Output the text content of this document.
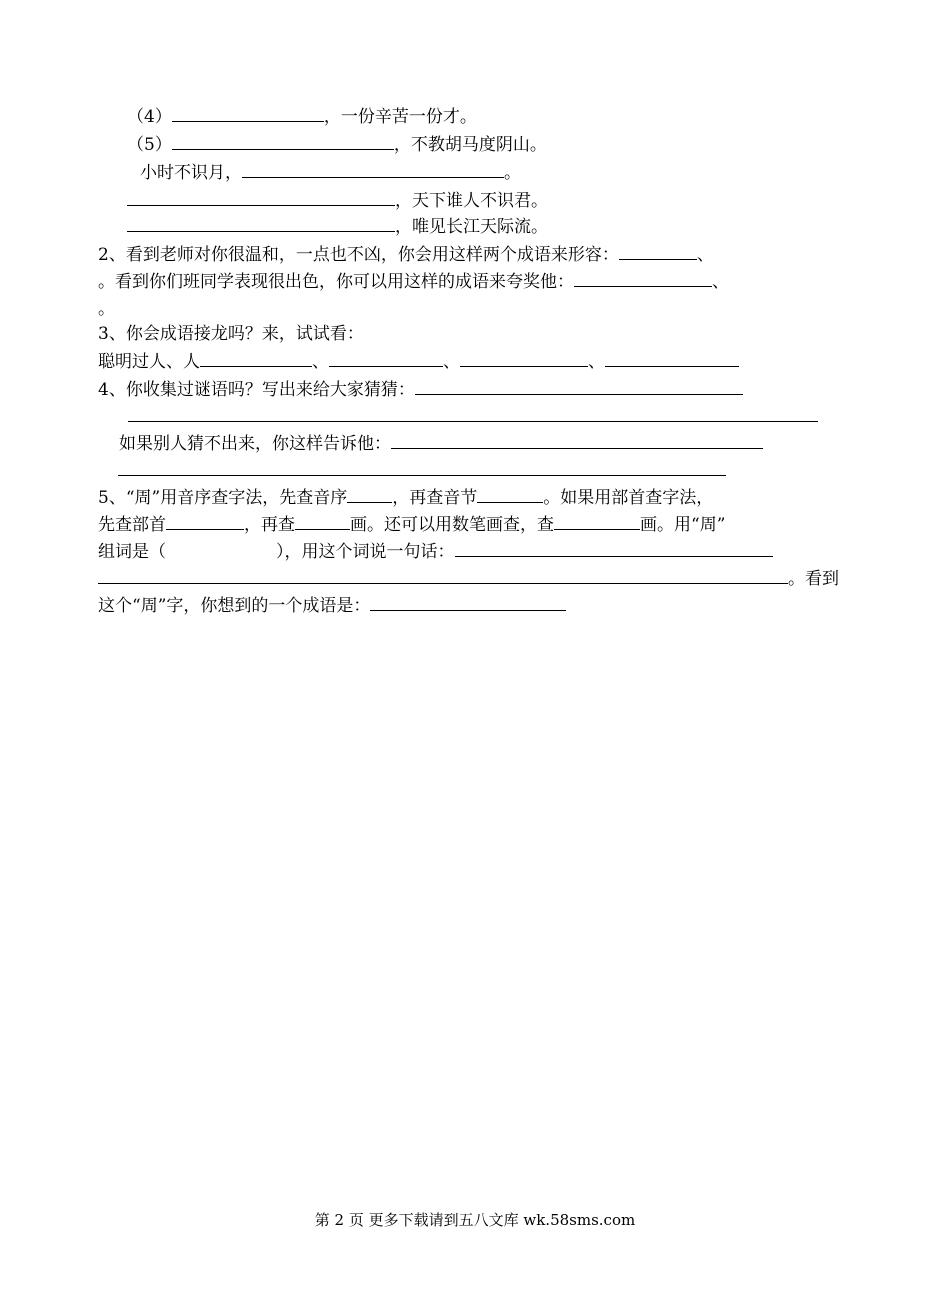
（4）	，一份辛苦一份才。
（5）	，不教胡马度阴山。
小时不识月，	。
，天下谁人不识君。
，唯见长江天际流。
2、看到老师对你很温和，一点也不凶，你会用这样两个成语来形容：	、
。看到你们班同学表现很出色，你可以用这样的成语来夸奖他：	、
。
3、你会成语接龙吗？来，试试看：
聪明过人、人	、	、	、
4、你收集过谜语吗？写出来给大家猜猜：
如果别人猜不出来，你这样告诉他：
5、“周”用音序查字法，先查音序	，再查音节	。如果用部首查字法，
先查部首	，再查	画。还可以用数笔画查，查	画。用“周”
组词是（	），用这个词说一句话：
。看到
这个“周”字，你想到的一个成语是：
第 2 页 更多下载请到五八文库 wk.58sms.com
